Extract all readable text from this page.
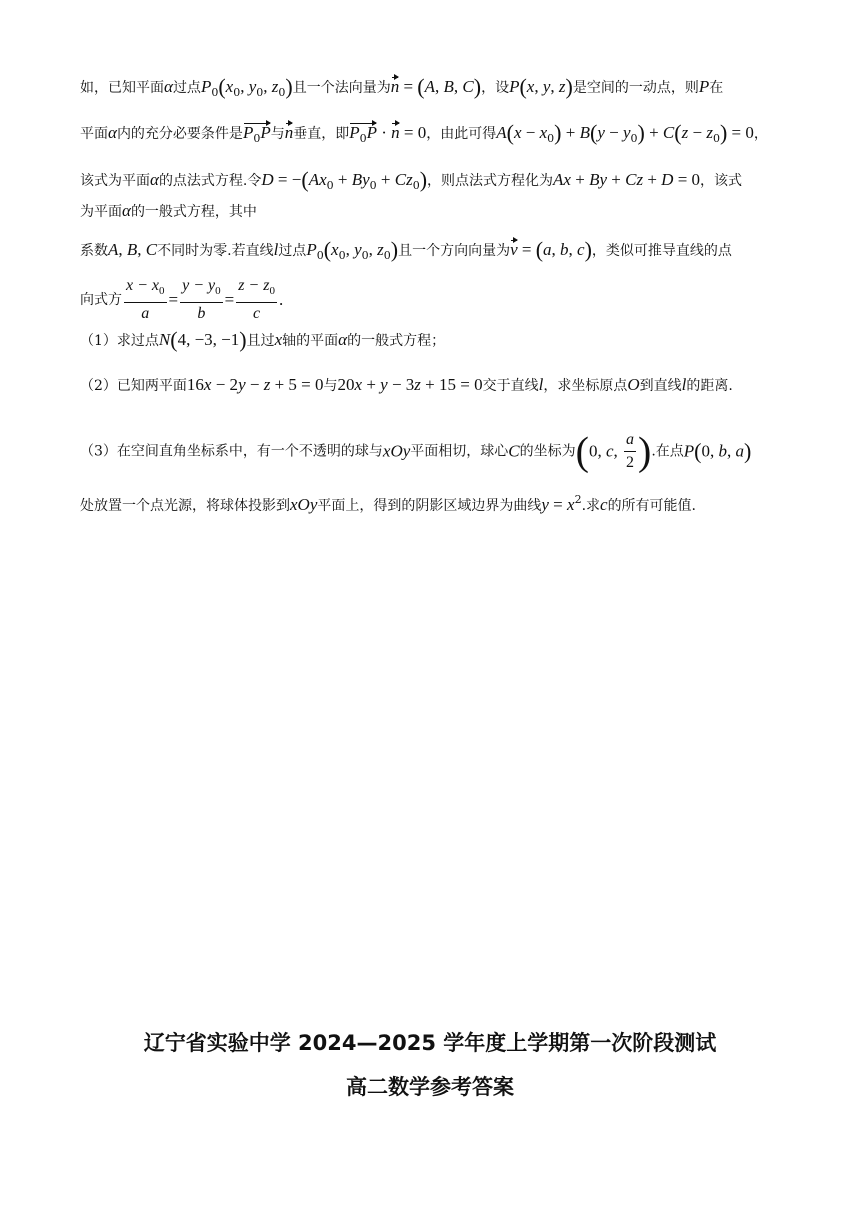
如，已知平面α过点$P_0(x_0$, $y_0$, $z_0$)且一个法向量为n = (A, B, C)，设P(x, y, z)是空间的一动点，则P在
平面α内的充分必要条件是$P_0P$与n垂直，即$P_0P \cdot n = 0$，由此可得$A(x - x_0) + B(y - y_0) + C(z - z_0) = 0$，
该式为平面α的点法式方程.令$D = -(Ax_0 + By_0 + Cz_0)$，则点法式方程化为Ax + By + Cz + D = 0，该式
为平面α的一般式方程，其中
系数A, B, C不同时为零.若直线l过点$P_0(x_0$, $y_0$, $z_0$)且一个方向向量为v = (a, b, c)，类似可推导直线的点
向式方 $\frac{x - x_0}{a} = \frac{y - y_0}{b} = \frac{z - z_0}{c}$ .
（1）求过点N(4, −3, −1)且过x轴的平面α的一般式方程；
（2）已知两平面16x − 2y − z + 5 = 0与20x + y − 3z + 15 = 0交于直线l，求坐标原点O到直线l的距离.
（3）在空间直角坐标系中，有一个不透明的球与xOy平面相切，球心C的坐标为(0, c, $\frac{a}{2}$ ).在点P(0, b, a)
处放置一个点光源，将球体投影到xOy平面上，得到的阴影区域边界为曲线$y = x^2$.求c的所有可能值.
辽宁省实验中学 2024—2025 学年度上学期第一次阶段测试
高二数学参考答案
